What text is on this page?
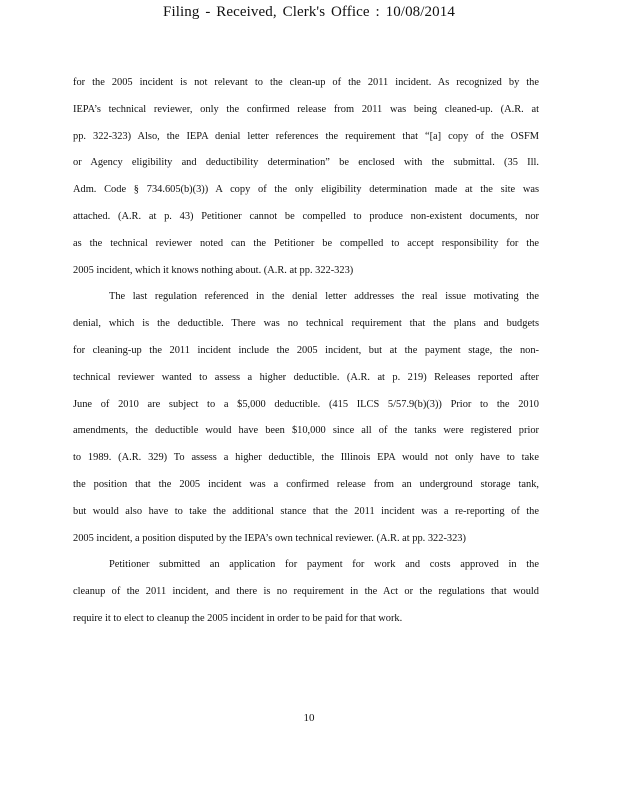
Filing - Received, Clerk's Office : 10/08/2014
for the 2005 incident is not relevant to the clean-up of the 2011 incident. As recognized by the
IEPA’s technical reviewer, only the confirmed release from 2011 was being cleaned-up. (A.R. at
pp. 322-323) Also, the IEPA denial letter references the requirement that “[a] copy of the OSFM
or Agency eligibility and deductibility determination” be enclosed with the submittal. (35 Ill.
Adm. Code § 734.605(b)(3)) A copy of the only eligibility determination made at the site was
attached. (A.R. at p. 43) Petitioner cannot be compelled to produce non-existent documents, nor
as the technical reviewer noted can the Petitioner be compelled to accept responsibility for the
2005 incident, which it knows nothing about. (A.R. at pp. 322-323)
The last regulation referenced in the denial letter addresses the real issue motivating the
denial, which is the deductible. There was no technical requirement that the plans and budgets
for cleaning-up the 2011 incident include the 2005 incident, but at the payment stage, the non-
technical reviewer wanted to assess a higher deductible. (A.R. at p. 219) Releases reported after
June of 2010 are subject to a $5,000 deductible. (415 ILCS 5/57.9(b)(3)) Prior to the 2010
amendments, the deductible would have been $10,000 since all of the tanks were registered prior
to 1989. (A.R. 329) To assess a higher deductible, the Illinois EPA would not only have to take
the position that the 2005 incident was a confirmed release from an underground storage tank,
but would also have to take the additional stance that the 2011 incident was a re-reporting of the
2005 incident, a position disputed by the IEPA’s own technical reviewer. (A.R. at pp. 322-323)
Petitioner submitted an application for payment for work and costs approved in the
cleanup of the 2011 incident, and there is no requirement in the Act or the regulations that would
require it to elect to cleanup the 2005 incident in order to be paid for that work.
10
